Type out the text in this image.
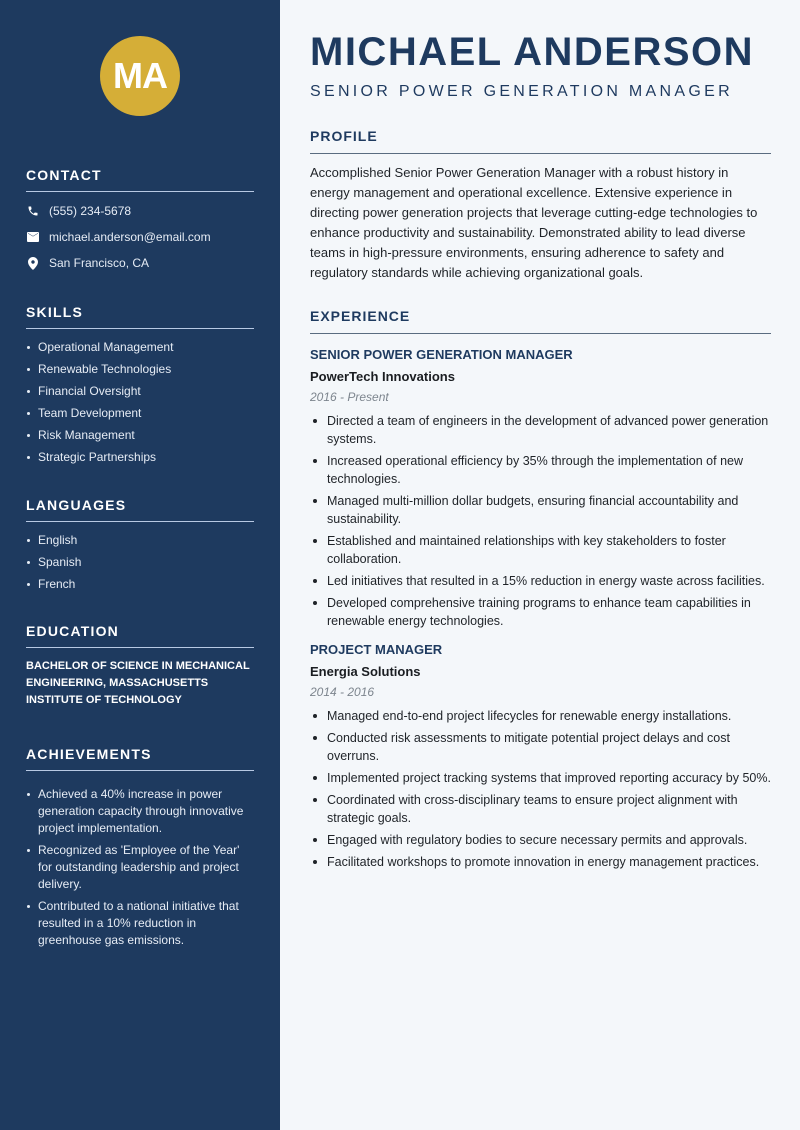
MA
CONTACT
(555) 234-5678
michael.anderson@email.com
San Francisco, CA
SKILLS
Operational Management
Renewable Technologies
Financial Oversight
Team Development
Risk Management
Strategic Partnerships
LANGUAGES
English
Spanish
French
EDUCATION
BACHELOR OF SCIENCE IN MECHANICAL ENGINEERING, MASSACHUSETTS INSTITUTE OF TECHNOLOGY
ACHIEVEMENTS
Achieved a 40% increase in power generation capacity through innovative project implementation.
Recognized as 'Employee of the Year' for outstanding leadership and project delivery.
Contributed to a national initiative that resulted in a 10% reduction in greenhouse gas emissions.
MICHAEL ANDERSON
SENIOR POWER GENERATION MANAGER
PROFILE

Accomplished Senior Power Generation Manager with a robust history in energy management and operational excellence. Extensive experience in directing power generation projects that leverage cutting-edge technologies to enhance productivity and sustainability. Demonstrated ability to lead diverse teams in high-pressure environments, ensuring adherence to safety and regulatory standards while achieving organizational goals.

EXPERIENCE
SENIOR POWER GENERATION MANAGER
PowerTech Innovations
2016 - Present
Directed a team of engineers in the development of advanced power generation systems.
Increased operational efficiency by 35% through the implementation of new technologies.
Managed multi-million dollar budgets, ensuring financial accountability and sustainability.
Established and maintained relationships with key stakeholders to foster collaboration.
Led initiatives that resulted in a 15% reduction in energy waste across facilities.
Developed comprehensive training programs to enhance team capabilities in renewable energy technologies.
PROJECT MANAGER
Energia Solutions
2014 - 2016
Managed end-to-end project lifecycles for renewable energy installations.
Conducted risk assessments to mitigate potential project delays and cost overruns.
Implemented project tracking systems that improved reporting accuracy by 50%.
Coordinated with cross-disciplinary teams to ensure project alignment with strategic goals.
Engaged with regulatory bodies to secure necessary permits and approvals.
Facilitated workshops to promote innovation in energy management practices.
